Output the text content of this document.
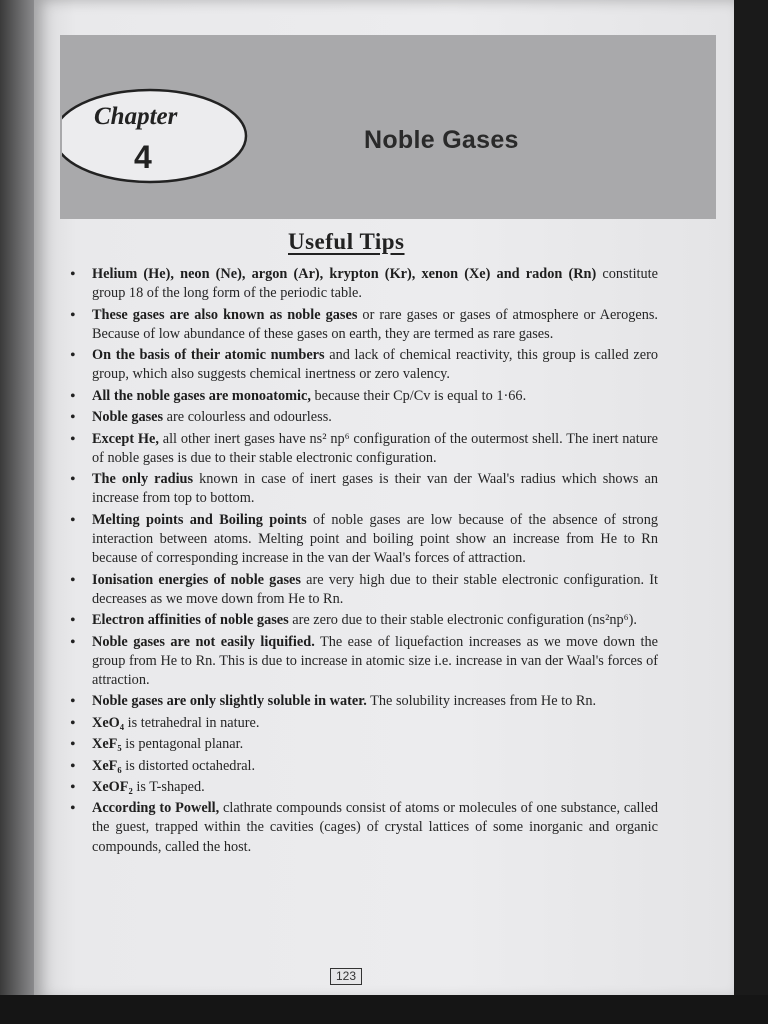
Chapter
4	Noble Gases
Useful Tips
• Helium (He), neon (Ne), argon (Ar), krypton (Kr), xenon (Xe) and radon (Rn) constitute group 18 of the long form of the periodic table.
• These gases are also known as noble gases or rare gases or gases of atmosphere or Aerogens. Because of low abundance of these gases on earth, they are termed as rare gases.
• On the basis of their atomic numbers and lack of chemical reactivity, this group is called zero group, which also suggests chemical inertness or zero valency.
• All the noble gases are monoatomic, because their Cp/Cv is equal to 1·66.
• Noble gases are colourless and odourless.
• Except He, all other inert gases have ns² np⁶ configuration of the outermost shell. The inert nature of noble gases is due to their stable electronic configuration.
• The only radius known in case of inert gases is their van der Waal's radius which shows an increase from top to bottom.
• Melting points and Boiling points of noble gases are low because of the absence of strong interaction between atoms. Melting point and boiling point show an increase from He to Rn because of corresponding increase in the van der Waal's forces of attraction.
• Ionisation energies of noble gases are very high due to their stable electronic configuration. It decreases as we move down from He to Rn.
• Electron affinities of noble gases are zero due to their stable electronic configuration (ns²np⁶).
• Noble gases are not easily liquified. The ease of liquefaction increases as we move down the group from He to Rn. This is due to increase in atomic size i.e. increase in van der Waal's forces of attraction.
• Noble gases are only slightly soluble in water. The solubility increases from He to Rn.
• XeO₄ is tetrahedral in nature.
• XeF₅ is pentagonal planar.
• XeF₆ is distorted octahedral.
• XeOF₂ is T-shaped.
• According to Powell, clathrate compounds consist of atoms or molecules of one substance, called the guest, trapped within the cavities (cages) of crystal lattices of some inorganic and organic compounds, called the host.
123
